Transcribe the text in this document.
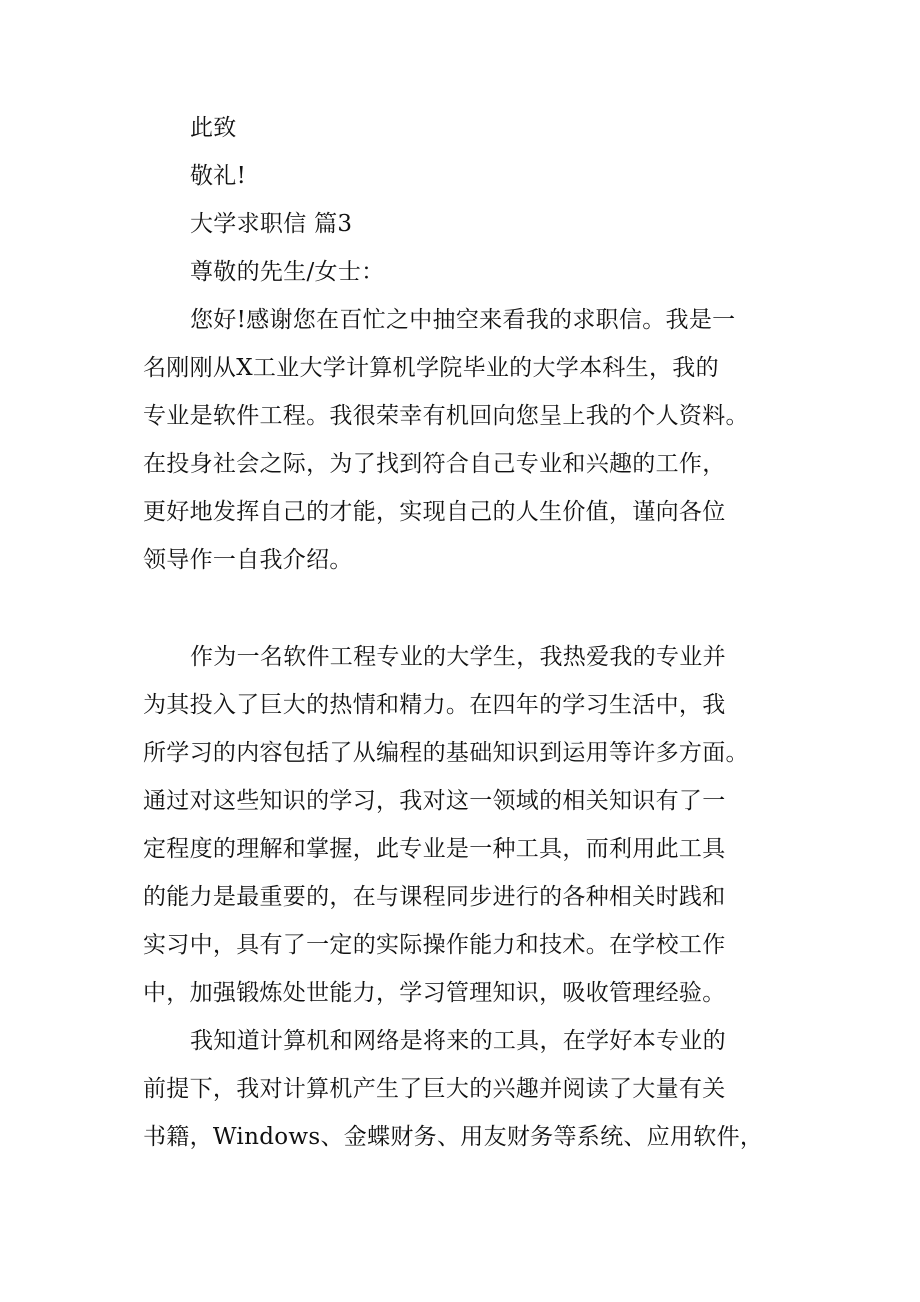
此致
敬礼!
大学求职信 篇3
尊敬的先生/女士：
您好!感谢您在百忙之中抽空来看我的求职信。我是一
名刚刚从X工业大学计算机学院毕业的大学本科生，我的
专业是软件工程。我很荣幸有机回向您呈上我的个人资料。
在投身社会之际，为了找到符合自己专业和兴趣的工作，
更好地发挥自己的才能，实现自己的人生价值，谨向各位
领导作一自我介绍。
作为一名软件工程专业的大学生，我热爱我的专业并
为其投入了巨大的热情和精力。在四年的学习生活中，我
所学习的内容包括了从编程的基础知识到运用等许多方面。
通过对这些知识的学习，我对这一领域的相关知识有了一
定程度的理解和掌握，此专业是一种工具，而利用此工具
的能力是最重要的，在与课程同步进行的各种相关时践和
实习中，具有了一定的实际操作能力和技术。在学校工作
中，加强锻炼处世能力，学习管理知识，吸收管理经验。
我知道计算机和网络是将来的工具，在学好本专业的
前提下，我对计算机产生了巨大的兴趣并阅读了大量有关
书籍，Windows、金蝶财务、用友财务等系统、应用软件，
